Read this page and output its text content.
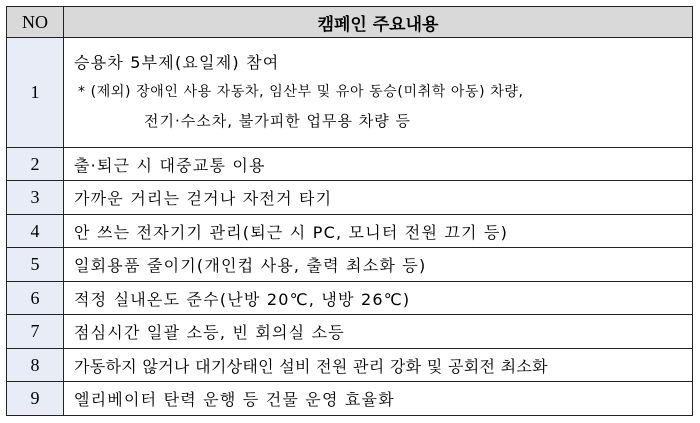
NO	캠페인 주요내용
1	승용차 5부제(요일제) 참여
* (제외) 장애인 사용 자동차, 임산부 및 유아 동승(미취학 아동) 차량,
전기·수소차, 불가피한 업무용 차량 등

2	출·퇴근 시 대중교통 이용
3	가까운 거리는 걷거나 자전거 타기
4	안 쓰는 전자기기 관리(퇴근 시 PC, 모니터 전원 끄기 등)
5	일회용품 줄이기(개인컵 사용, 출력 최소화 등)
6	적정 실내온도 준수(난방 20℃, 냉방 26℃)
7	점심시간 일괄 소등, 빈 회의실 소등
8	가동하지 않거나 대기상태인 설비 전원 관리 강화 및 공회전 최소화
9	엘리베이터 탄력 운행 등 건물 운영 효율화
